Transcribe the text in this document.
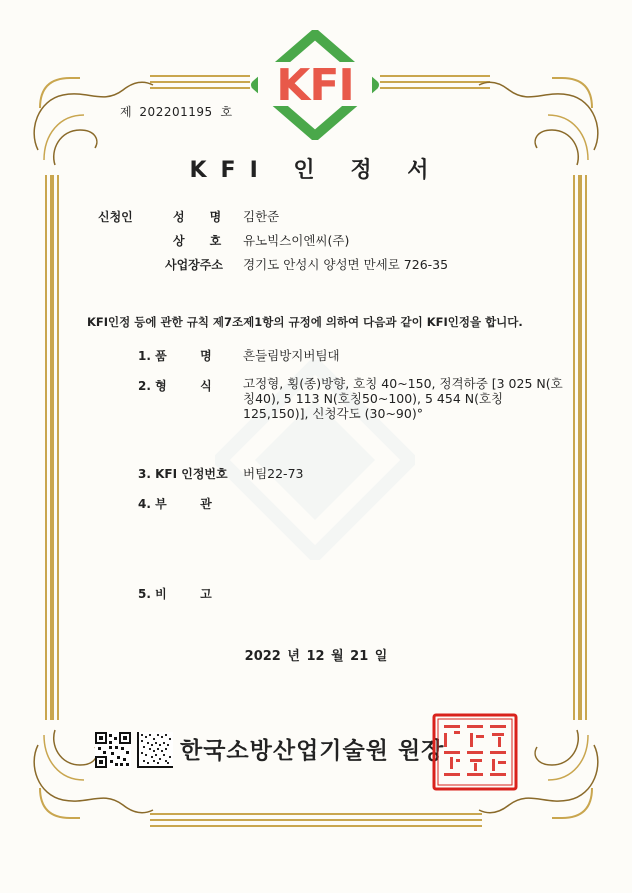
KFI
제 202201195 호
KFI 인 정 서
신청인	성      명 김한준
상      호 유노빅스이엔씨(주)
사업장주소 경기도 안성시 양성면 만세로 726-35
KFI인정 등에 관한 규칙 제7조제1항의 규정에 의하여 다음과 같이 KFI인정을 합니다.
1. 품        명	흔들림방지버팀대
2. 형        식	고정형, 횡(종)방향, 호칭 40~150, 정격하중 [3 025 N(호칭40), 5 113 N(호칭50~100), 5 454 N(호칭 125,150)], 신청각도 (30~90)°
3. KFI 인정번호 버팀22-73
4. 부        관
5. 비        고
2022 년 12 월 21 일
한국소방산업기술원 원장
